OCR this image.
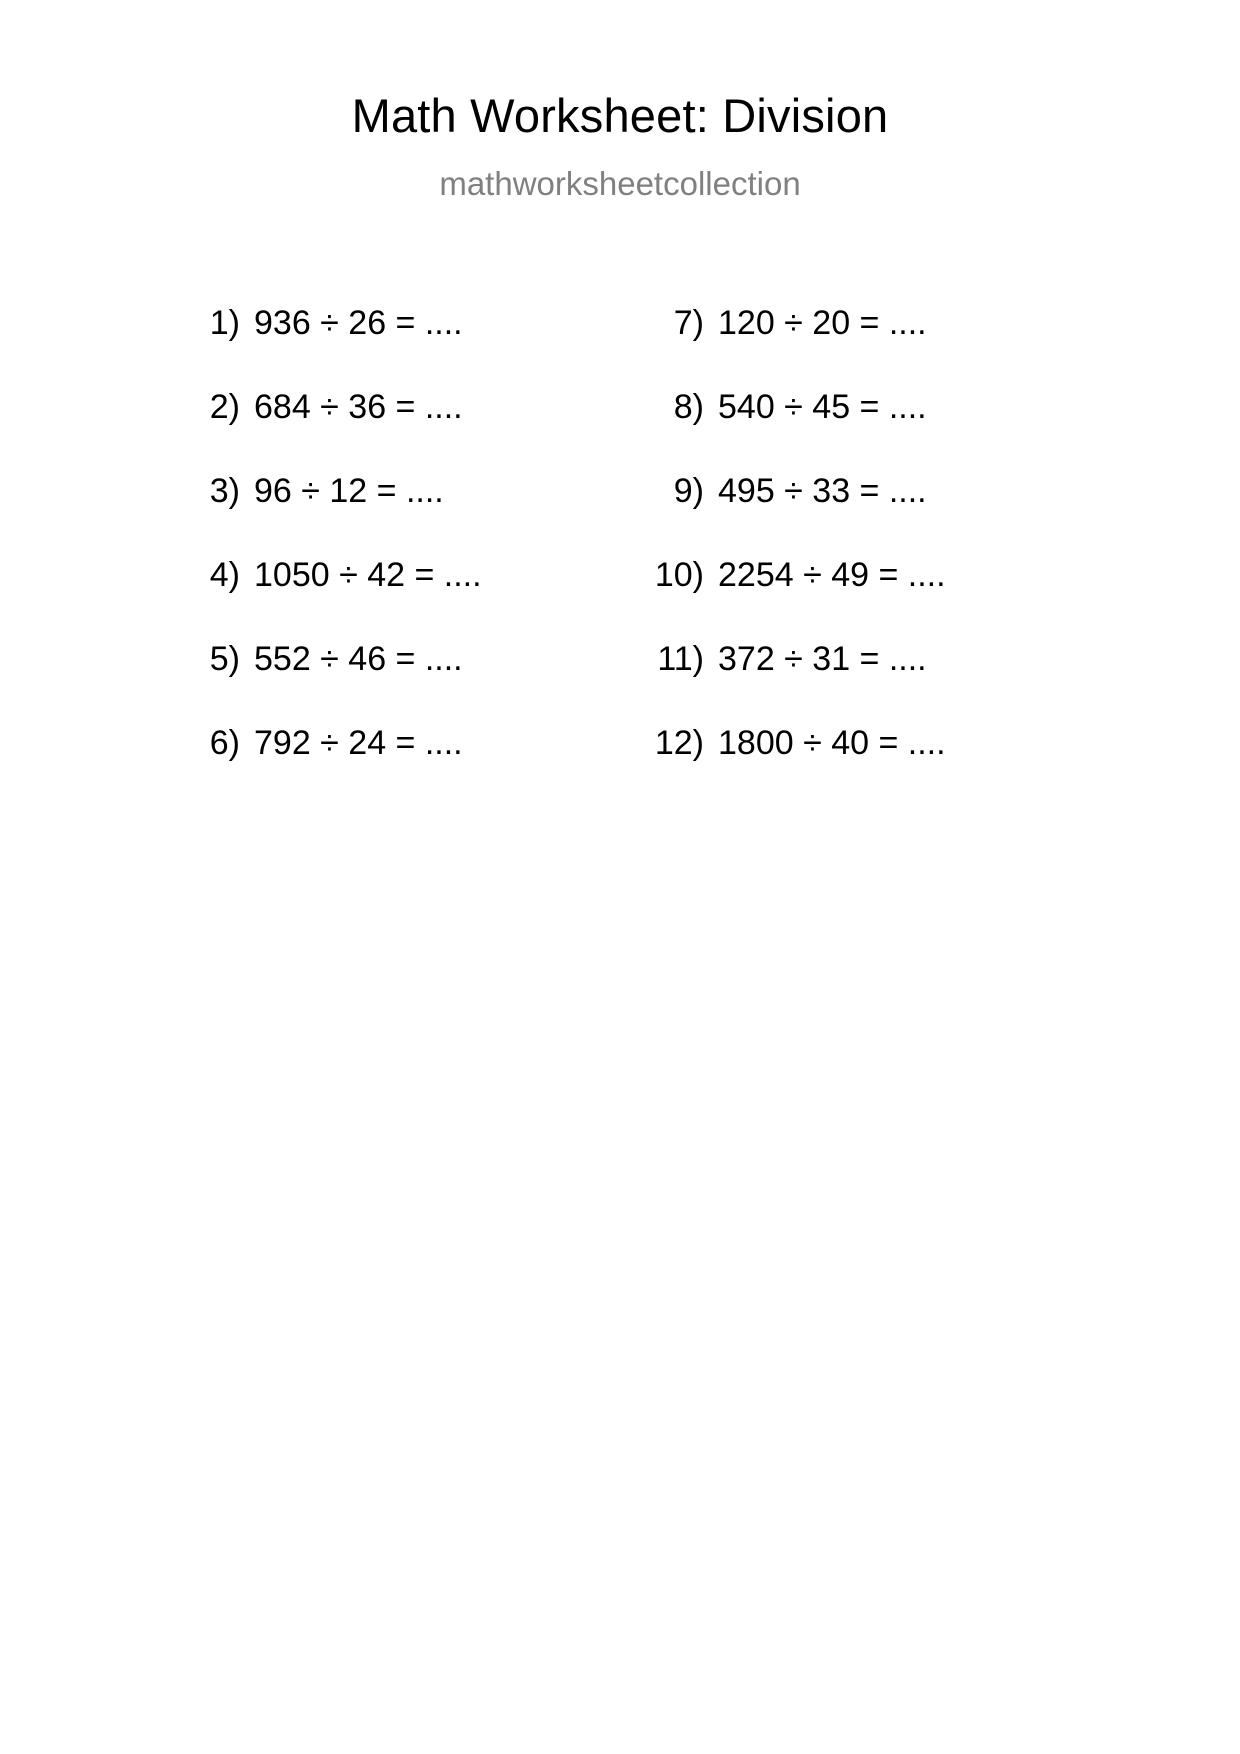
Math Worksheet: Division
mathworksheetcollection
1) 936 ÷ 26 = ....
2) 684 ÷ 36 = ....
3) 96 ÷ 12 = ....
4) 1050 ÷ 42 = ....
5) 552 ÷ 46 = ....
6) 792 ÷ 24 = ....
7) 120 ÷ 20 = ....
8) 540 ÷ 45 = ....
9) 495 ÷ 33 = ....
10) 2254 ÷ 49 = ....
11) 372 ÷ 31 = ....
12) 1800 ÷ 40 = ....
